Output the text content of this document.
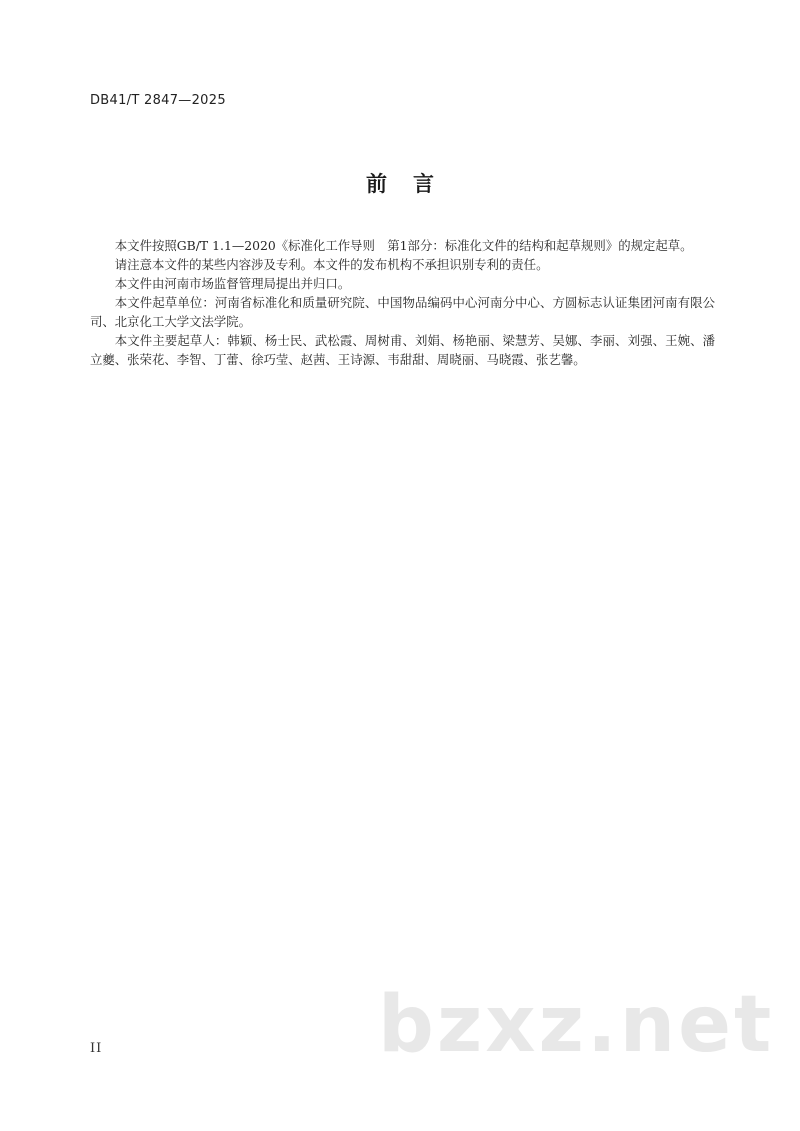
DB41/T 2847—2025
前言

本文件按照GB/T 1.1—2020《标准化工作导则　第1部分：标准化文件的结构和起草规则》的规定起草。

请注意本文件的某些内容涉及专利。本文件的发布机构不承担识别专利的责任。

本文件由河南市场监督管理局提出并归口。

本文件起草单位：河南省标准化和质量研究院、中国物品编码中心河南分中心、方圆标志认证集团河南有限公司、北京化工大学文法学院。

本文件主要起草人：韩颖、杨士民、武松霞、周树甫、刘娟、杨艳丽、梁慧芳、吴娜、李丽、刘强、王婉、潘立夔、张荣花、李智、丁蕾、徐巧莹、赵茜、王诗源、韦甜甜、周晓丽、马晓霞、张艺馨。

II	bzxz.net
